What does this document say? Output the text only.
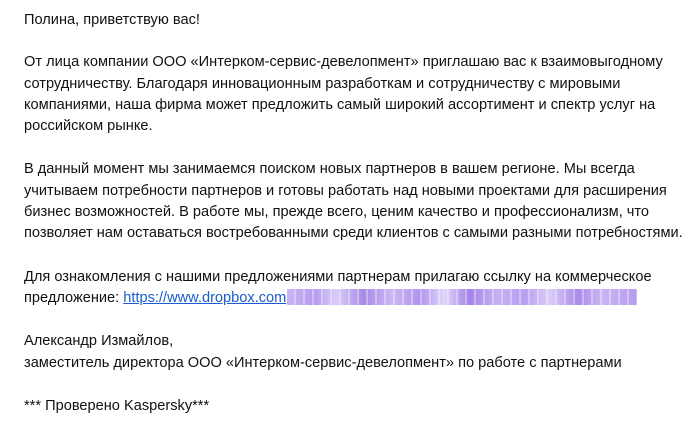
Полина, приветствую вас!

От лица компании ООО «Интерком-сервис-девелопмент» приглашаю вас к взаимовыгодному
сотрудничеству. Благодаря инновационным разработкам и сотрудничеству с мировыми
компаниями, наша фирма может предложить самый широкий ассортимент и спектр услуг на
российском рынке.

В данный момент мы занимаемся поиском новых партнеров в вашем регионе. Мы всегда
учитываем потребности партнеров и готовы работать над новыми проектами для расширения
бизнес возможностей. В работе мы, прежде всего, ценим качество и профессионализм, что
позволяет нам оставаться востребованными среди клиентов с самыми разными потребностями.

Для ознакомления с нашими предложениями партнерам прилагаю ссылку на коммерческое
предложение: https://www.dropbox.com

Александр Измайлов,
заместитель директора ООО «Интерком-сервис-девелопмент» по работе с партнерами

*** Проверено Kaspersky***
